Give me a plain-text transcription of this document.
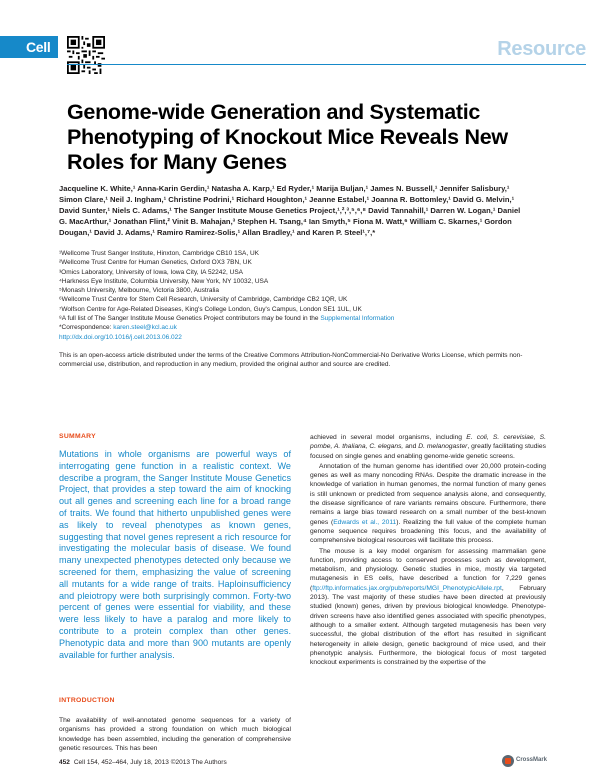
Cell	Resource
Genome-wide Generation and Systematic Phenotyping of Knockout Mice Reveals New Roles for Many Genes
Jacqueline K. White,¹ Anna-Karin Gerdin,¹ Natasha A. Karp,¹ Ed Ryder,¹ Marija Buljan,¹ James N. Bussell,¹ Jennifer Salisbury,¹ Simon Clare,¹ Neil J. Ingham,¹ Christine Podrini,¹ Richard Houghton,¹ Jeanne Estabel,¹ Joanna R. Bottomley,¹ David G. Melvin,¹ David Sunter,¹ Niels C. Adams,¹ The Sanger Institute Mouse Genetics Project,¹,²,³,⁵,⁶,⁸ David Tannahill,¹ Darren W. Logan,¹ Daniel G. MacArthur,¹ Jonathan Flint,² Vinit B. Mahajan,³ Stephen H. Tsang,⁴ Ian Smyth,⁵ Fiona M. Watt,⁶ William C. Skarnes,¹ Gordon Dougan,¹ David J. Adams,¹ Ramiro Ramirez-Solis,¹ Allan Bradley,¹ and Karen P. Steel¹,⁷,*
¹Wellcome Trust Sanger Institute, Hinxton, Cambridge CB10 1SA, UK
²Wellcome Trust Centre for Human Genetics, Oxford OX3 7BN, UK
³Omics Laboratory, University of Iowa, Iowa City, IA 52242, USA
⁴Harkness Eye Institute, Columbia University, New York, NY 10032, USA
⁵Monash University, Melbourne, Victoria 3800, Australia
⁶Wellcome Trust Centre for Stem Cell Research, University of Cambridge, Cambridge CB2 1QR, UK
⁷Wolfson Centre for Age-Related Diseases, King's College London, Guy's Campus, London SE1 1UL, UK
⁸A full list of The Sanger Institute Mouse Genetics Project contributors may be found in the Supplemental Information
*Correspondence: karen.steel@kcl.ac.uk
http://dx.doi.org/10.1016/j.cell.2013.06.022
This is an open-access article distributed under the terms of the Creative Commons Attribution-NonCommercial-No Derivative Works License, which permits non-commercial use, distribution, and reproduction in any medium, provided the original author and source are credited.
SUMMARY
Mutations in whole organisms are powerful ways of interrogating gene function in a realistic context. We describe a program, the Sanger Institute Mouse Genetics Project, that provides a step toward the aim of knocking out all genes and screening each line for a broad range of traits. We found that hitherto unpublished genes were as likely to reveal phenotypes as known genes, suggesting that novel genes represent a rich resource for investigating the molecular basis of disease. We found many unexpected phenotypes detected only because we screened for them, emphasizing the value of screening all mutants for a wide range of traits. Haploinsufficiency and pleiotropy were both surprisingly common. Forty-two percent of genes were essential for viability, and these were less likely to have a paralog and more likely to contribute to a protein complex than other genes. Phenotypic data and more than 900 mutants are openly available for further analysis.
INTRODUCTION
The availability of well-annotated genome sequences for a variety of organisms has provided a strong foundation on which much biological knowledge has been assembled, including the generation of comprehensive genetic resources. This has been

achieved in several model organisms, including E. coli, S. cerevisiae, S. pombe, A. thaliana, C. elegans, and D. melanogaster, greatly facilitating studies focused on single genes and enabling genome-wide genetic screens.

Annotation of the human genome has identified over 20,000 protein-coding genes as well as many noncoding RNAs. Despite the dramatic increase in the knowledge of variation in human genomes, the normal function of many genes is still unknown or predicted from sequence analysis alone, and consequently, the disease significance of rare variants remains obscure. Furthermore, there remains a large bias toward research on a small number of the best-known genes (Edwards et al., 2011). Realizing the full value of the complete human genome sequence requires broadening this focus, and the availability of comprehensive biological resources will facilitate this process.

The mouse is a key model organism for assessing mammalian gene function, providing access to conserved processes such as development, metabolism, and physiology. Genetic studies in mice, mostly via targeted mutagenesis in ES cells, have described a function for 7,229 genes (ftp://ftp.informatics.jax.org/pub/reports/MGI_PhenotypicAllele.rpt, February 2013). The vast majority of these studies have been directed at previously studied (known) genes, driven by previous biological knowledge. Phenotype-driven screens have also identified genes associated with specific phenotypes, although to a smaller extent. Although targeted mutagenesis has been very successful, the global distribution of the effort has resulted in significant heterogeneity in allele design, genetic background of mice used, and their phenotypic analysis. Furthermore, the biological focus of most targeted knockout experiments is constrained by the expertise of the

452 Cell 154, 452–464, July 18, 2013 ©2013 The Authors	CrossMark
